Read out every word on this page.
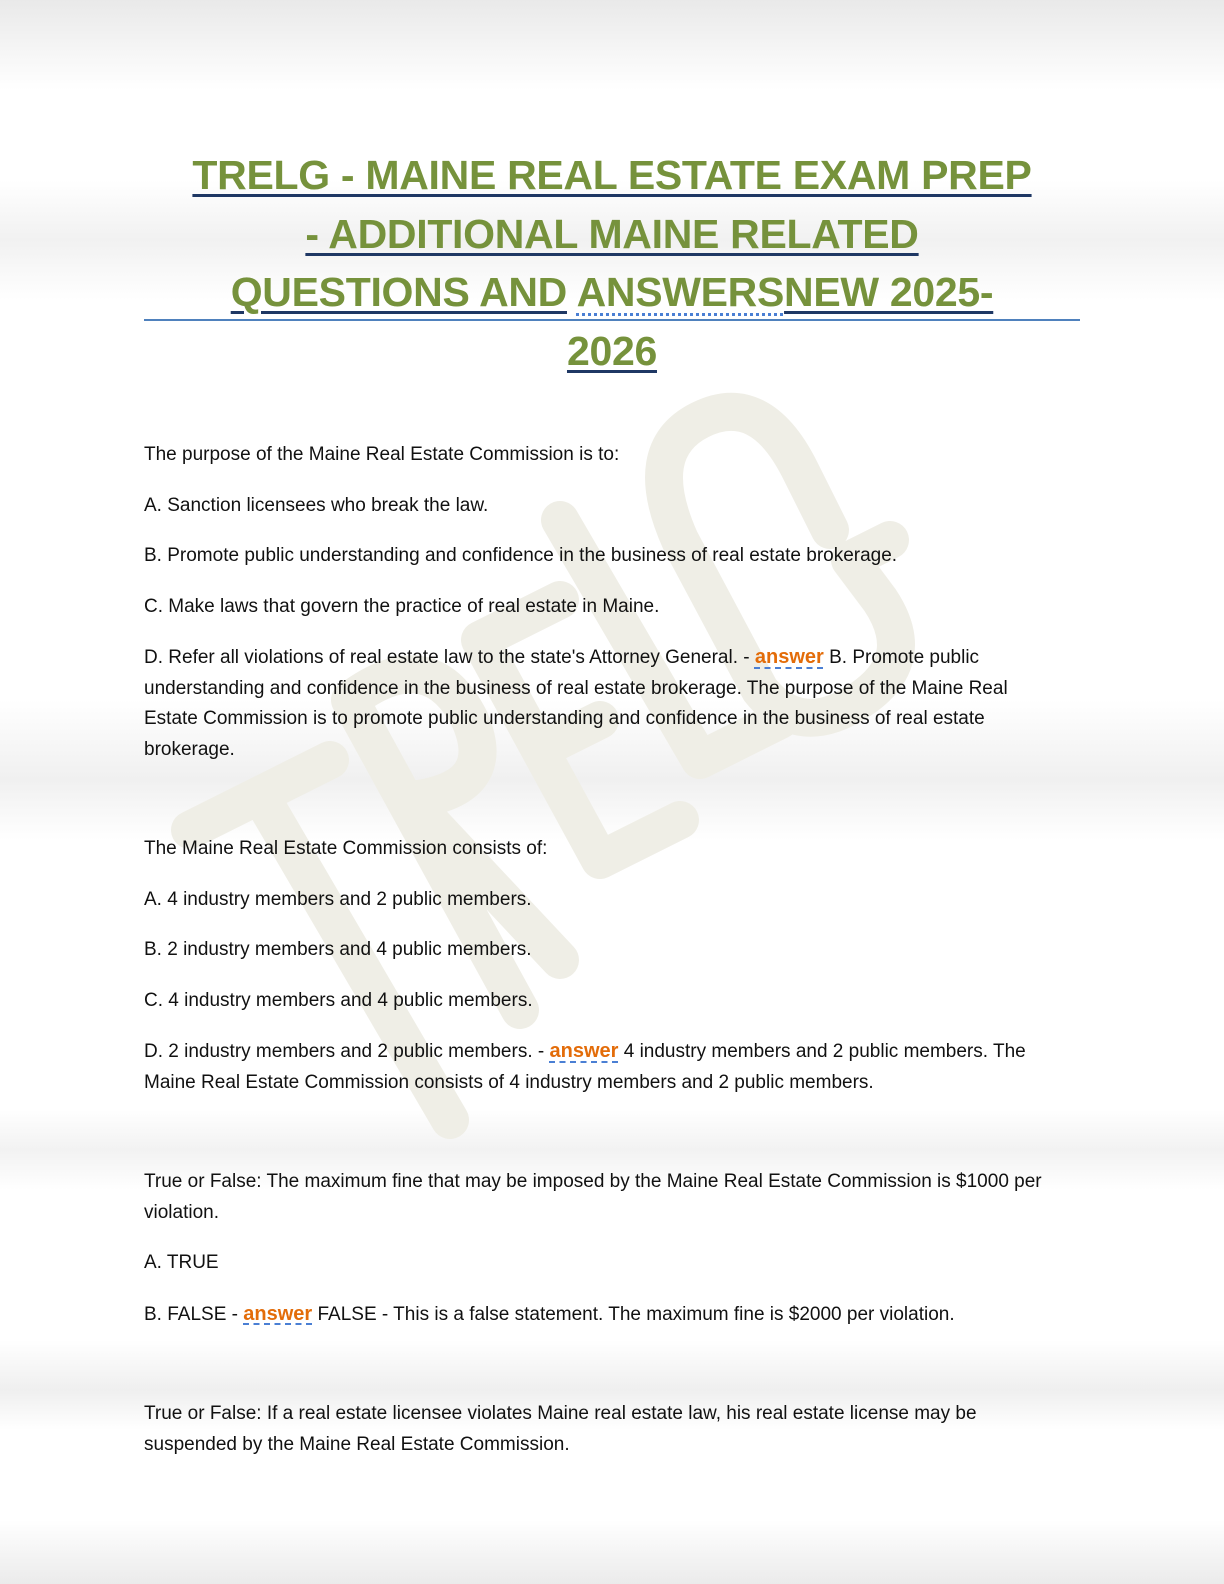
TRELG - MAINE REAL ESTATE EXAM PREP
- ADDITIONAL MAINE RELATED
QUESTIONS AND ANSWERSNEW 2025-
2026

The purpose of the Maine Real Estate Commission is to:

A. Sanction licensees who break the law.

B. Promote public understanding and confidence in the business of real estate brokerage.

C. Make laws that govern the practice of real estate in Maine.

D. Refer all violations of real estate law to the state's Attorney General. - answer B. Promote public understanding and confidence in the business of real estate brokerage. The purpose of the Maine Real Estate Commission is to promote public understanding and confidence in the business of real estate brokerage.

The Maine Real Estate Commission consists of:

A. 4 industry members and 2 public members.

B. 2 industry members and 4 public members.

C. 4 industry members and 4 public members.

D. 2 industry members and 2 public members. - answer 4 industry members and 2 public members. The Maine Real Estate Commission consists of 4 industry members and 2 public members.

True or False: The maximum fine that may be imposed by the Maine Real Estate Commission is $1000 per violation.

A. TRUE

B. FALSE - answer FALSE - This is a false statement. The maximum fine is $2000 per violation.

True or False: If a real estate licensee violates Maine real estate law, his real estate license may be suspended by the Maine Real Estate Commission.
